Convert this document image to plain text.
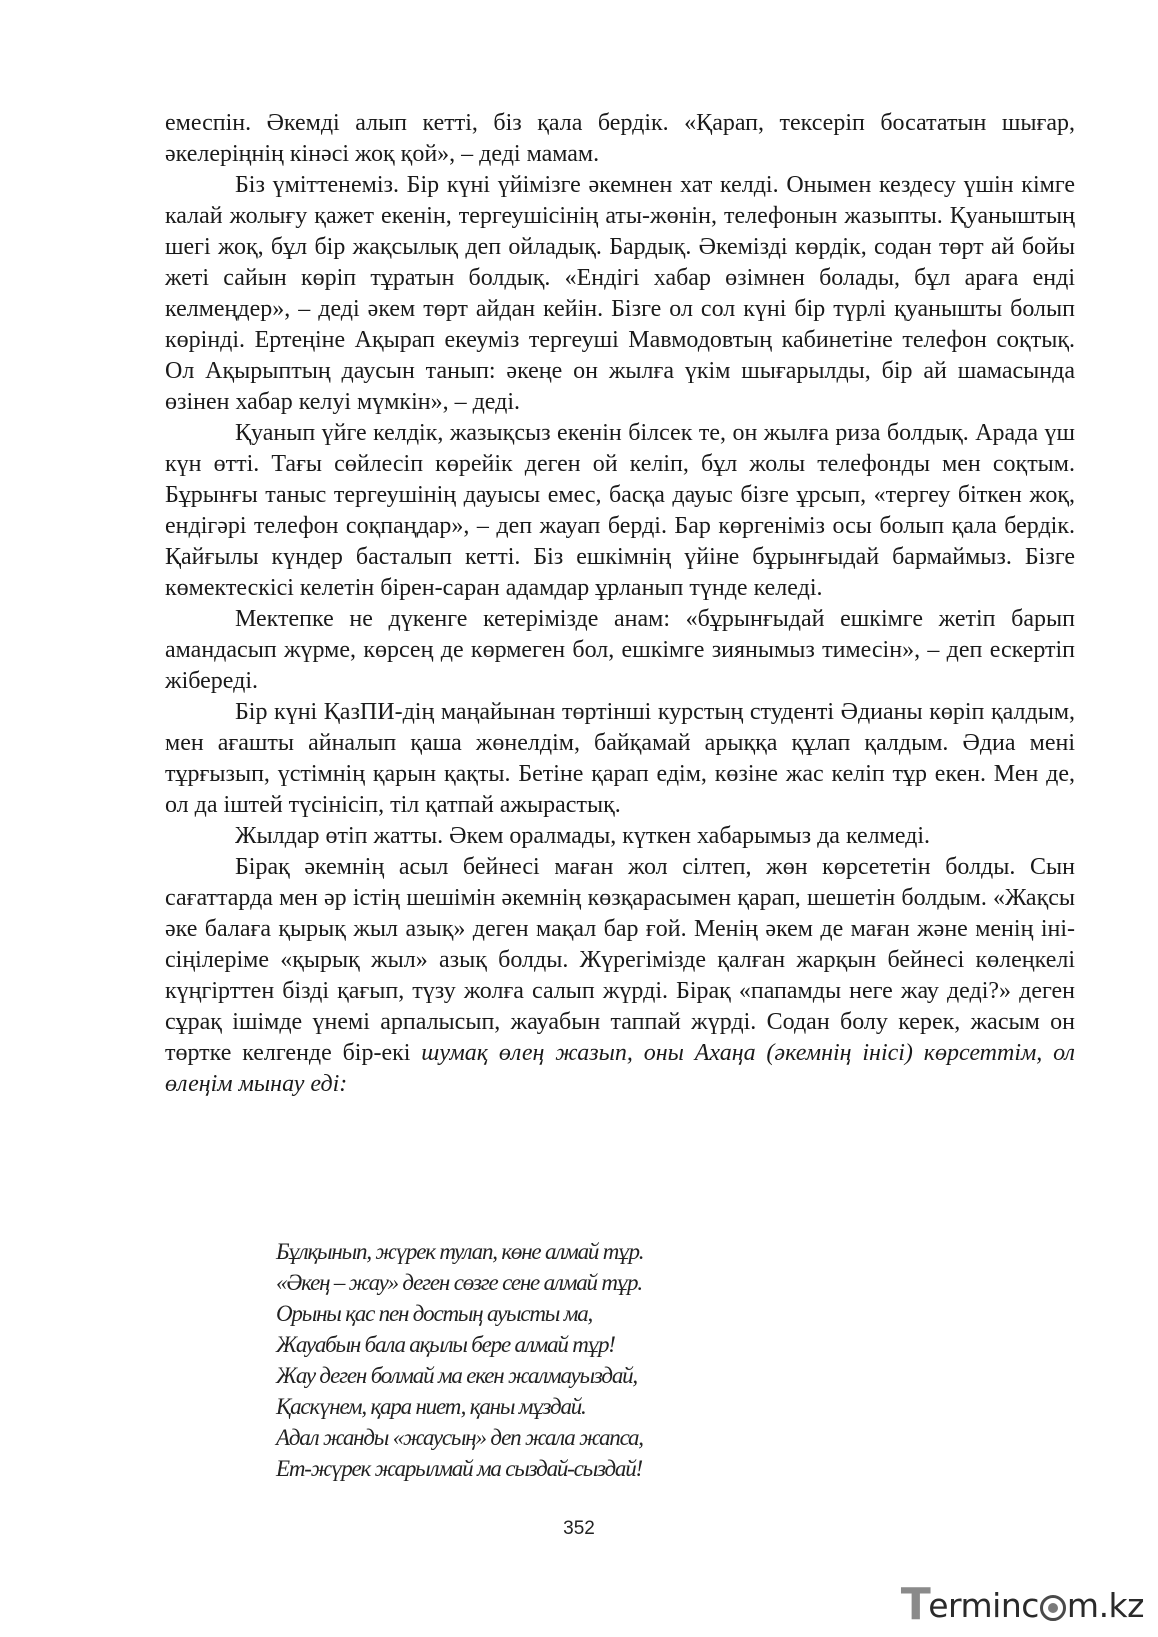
емеспін. Әкемді алып кетті, біз қала бердік. «Қарап, тексеріп босататын шығар, әкелеріңнің кінәсі жоқ қой», – деді мамам.

Біз үміттенеміз. Бір күні үйімізге әкемнен хат келді. Онымен кездесу үшін кімге калай жолығу қажет екенін, тергеушісінің аты-жөнін, телефонын жазыпты. Қуаныштың шегі жоқ, бұл бір жақсылық деп ойладық. Бардық. Әкемізді көрдік, содан төрт ай бойы жеті сайын көріп тұратын болдық. «Ендігі хабар өзімнен болады, бұл араға енді келмеңдер», – деді әкем төрт айдан кейін. Бізге ол сол күні бір түрлі қуанышты болып көрінді. Ертеңіне Ақырап екеуміз тергеуші Мавмодовтың кабинетіне телефон соқтық. Ол Ақырыптың даусын танып: әкеңе он жылға үкім шығарылды, бір ай шамасында өзінен хабар келуі мүмкін», – деді.

Қуанып үйге келдік, жазықсыз екенін білсек те, он жылға риза болдық. Арада үш күн өтті. Тағы сөйлесіп көрейік деген ой келіп, бұл жолы телефонды мен соқтым. Бұрынғы таныс тергеушінің дауысы емес, басқа дауыс бізге ұрсып, «тергеу біткен жоқ, ендігәрі телефон соқпаңдар», – деп жауап берді. Бар көргеніміз осы болып қала бердік. Қайғылы күндер басталып кетті. Біз ешкімнің үйіне бұрынғыдай бармаймыз. Бізге көмектескісі келетін бірен-саран адамдар ұрланып түнде келеді.

Мектепке не дүкенге кетерімізде анам: «бұрынғыдай ешкімге жетіп барып амандасып жүрме, көрсең де көрмеген бол, ешкімге зиянымыз тимесін», – деп ескертіп жібереді.

Бір күні ҚазПИ-дің маңайынан төртінші курстың студенті Әдианы көріп қалдым, мен ағашты айналып қаша жөнелдім, байқамай арыққа құлап қалдым. Әдиа мені тұрғызып, үстімнің қарын қақты. Бетіне қарап едім, көзіне жас келіп тұр екен. Мен де, ол да іштей түсінісіп, тіл қатпай ажырастық.

Жылдар өтіп жатты. Әкем оралмады, күткен хабарымыз да келмеді.

Бірақ әкемнің асыл бейнесі маған жол сілтеп, жөн көрсететін болды. Сын сағаттарда мен әр істің шешімін әкемнің көзқарасымен қарап, шешетін болдым. «Жақсы әке балаға қырық жыл азық» деген мақал бар ғой. Менің әкем де маған және менің іні-сіңілеріме «қырық жыл» азық болды. Жүрегімізде қалған жарқын бейнесі көлеңкелі күңгірттен бізді қағып, түзу жолға салып жүрді. Бірақ «папамды неге жау деді?» деген сұрақ ішімде үнемі арпалысып, жауабын таппай жүрді. Содан болу керек, жасым он төртке келгенде бір-екі шумақ өлең жазып, оны Ахаңа (әкемнің інісі) көрсеттім, ол өлеңім мынау еді:

Бұлқынып, жүрек тулап, көне алмай тұр.
«Әкең – жау» деген сөзге сене алмай тұр.
Орыны қас пен достың ауысты ма,
Жауабын бала ақылы бере алмай тұр!
Жау деген болмай ма екен жалмауыздай,
Қаскүнем, қара ниет, қаны мұздай.
Адал жанды «жаусың» деп жала жапса,
Ет-жүрек жарылмай ма сыздай-сыздай!
352
T
erminc m.kz
